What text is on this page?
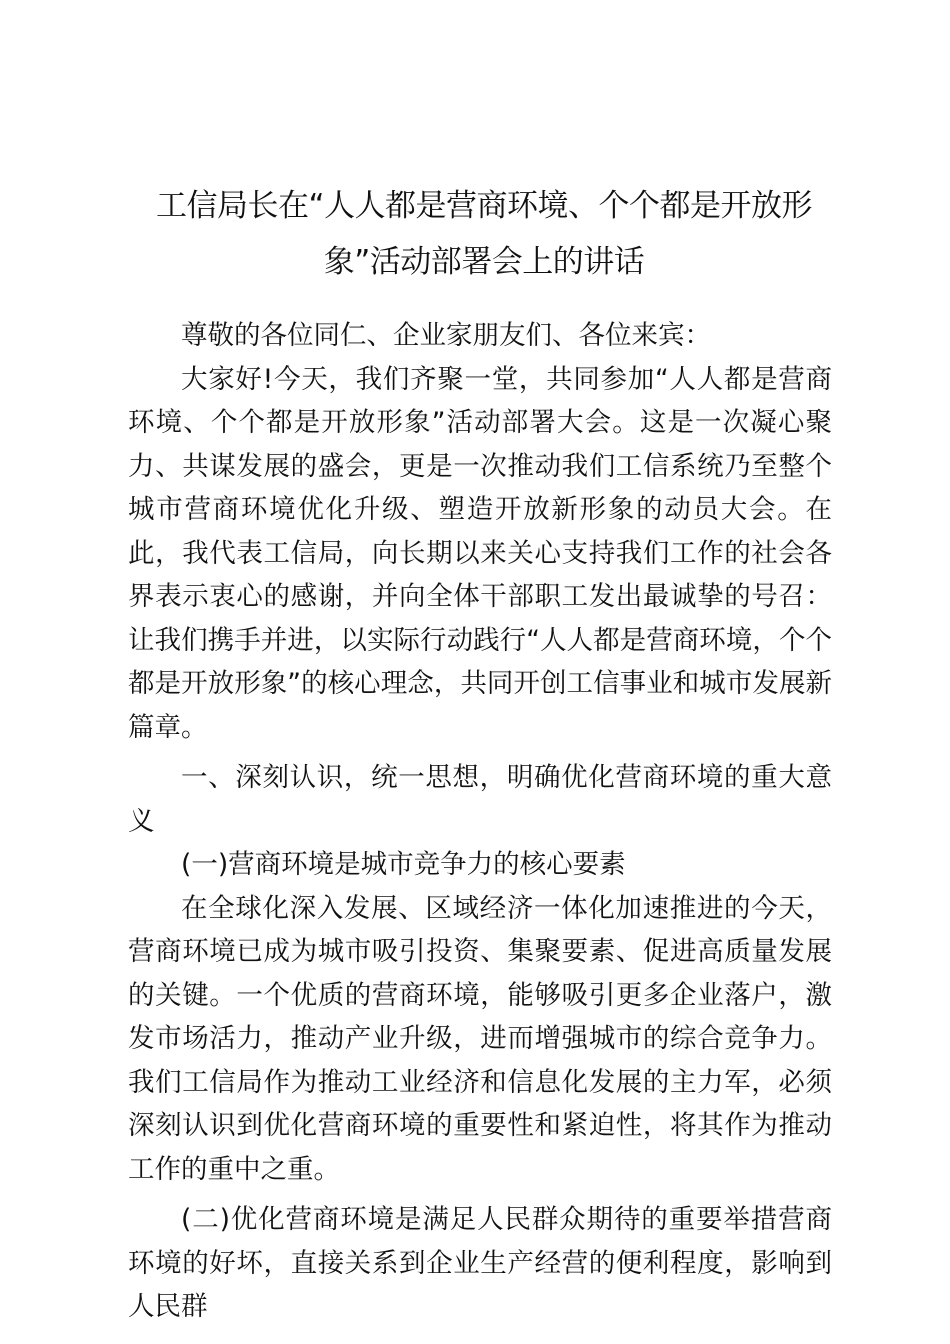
工信局长在“人人都是营商环境、个个都是开放形象”活动部署会上的讲话

尊敬的各位同仁、企业家朋友们、各位来宾：

大家好!今天，我们齐聚一堂，共同参加“人人都是营商环境、个个都是开放形象”活动部署大会。这是一次凝心聚力、共谋发展的盛会，更是一次推动我们工信系统乃至整个城市营商环境优化升级、塑造开放新形象的动员大会。在此，我代表工信局，向长期以来关心支持我们工作的社会各界表示衷心的感谢，并向全体干部职工发出最诚挚的号召：让我们携手并进，以实际行动践行“人人都是营商环境，个个都是开放形象”的核心理念，共同开创工信事业和城市发展新篇章。

一、深刻认识，统一思想，明确优化营商环境的重大意义

(一)营商环境是城市竞争力的核心要素

在全球化深入发展、区域经济一体化加速推进的今天，营商环境已成为城市吸引投资、集聚要素、促进高质量发展的关键。一个优质的营商环境，能够吸引更多企业落户，激发市场活力，推动产业升级，进而增强城市的综合竞争力。我们工信局作为推动工业经济和信息化发展的主力军，必须深刻认识到优化营商环境的重要性和紧迫性，将其作为推动工作的重中之重。

(二)优化营商环境是满足人民群众期待的重要举措营商环境的好坏，直接关系到企业生产经营的便利程度，影响到人民群
